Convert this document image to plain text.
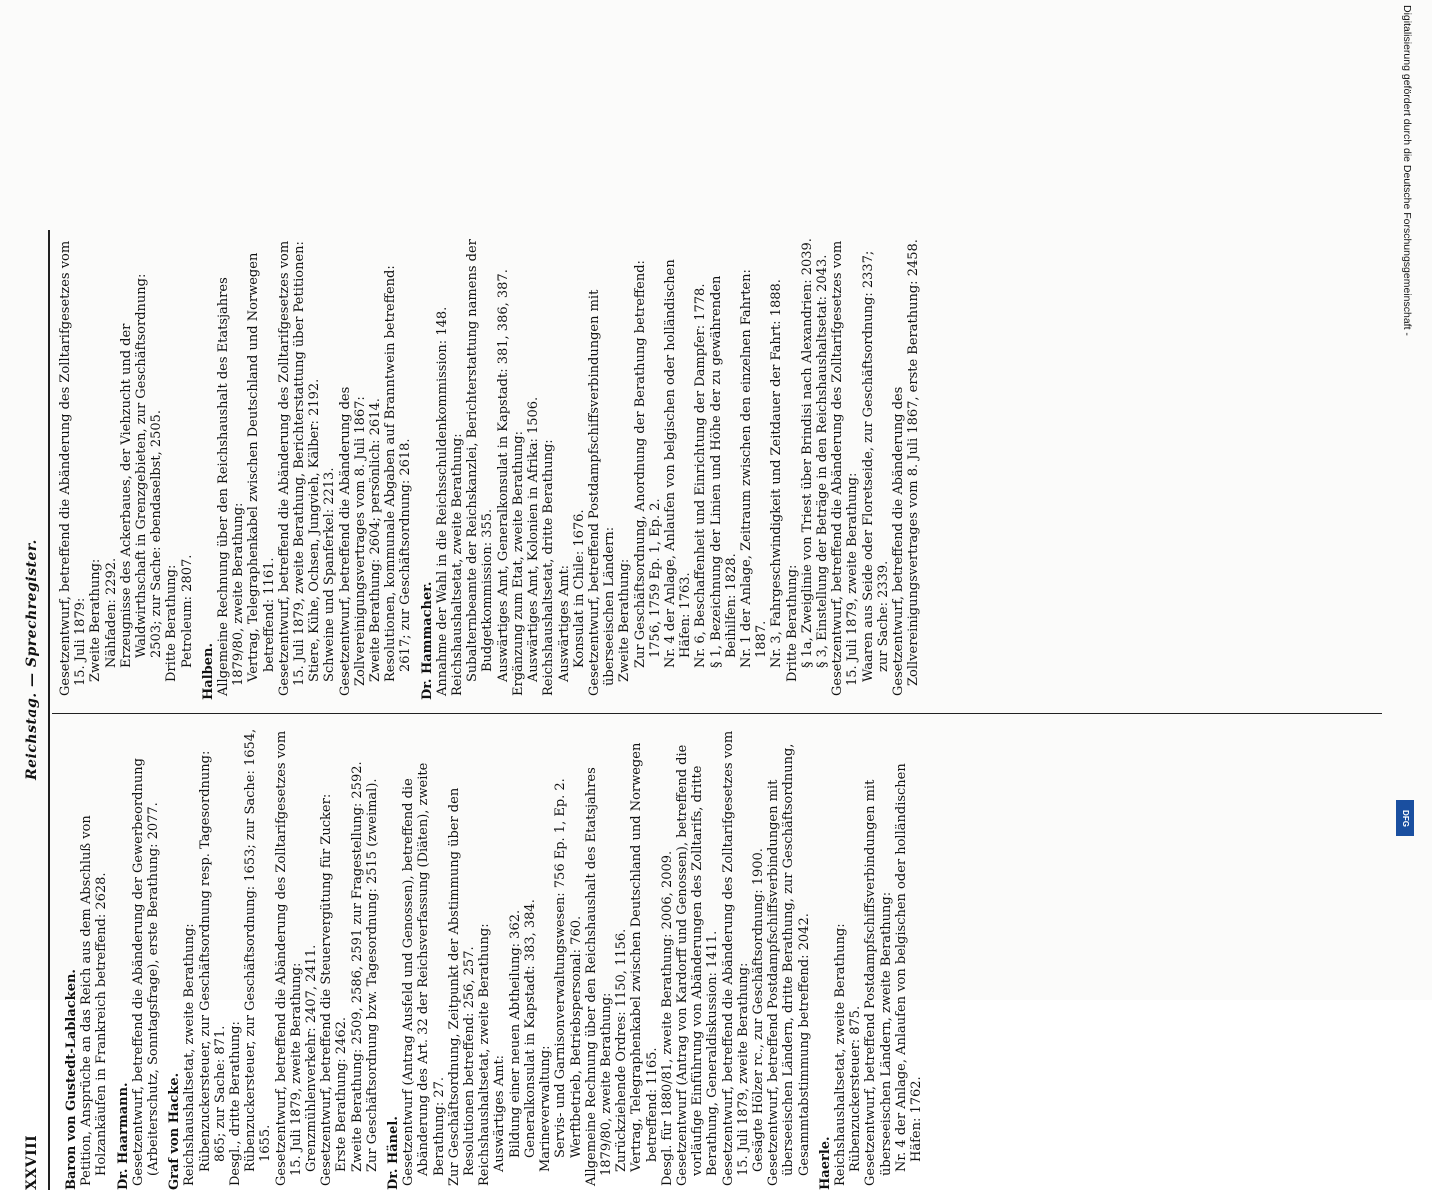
XXVIII
Reichstag. — Sprechregister.
Baron von Gustedt-Lablacken. Petition, Ansprüche an das Reich aus dem Abschluß von Holzankäufen in Frankreich betreffend: 2628. Dr. Haarmann. Gesetzentwurf, betreffend die Abänderung der Gewerbeordnung (Arbeiterschutz, Sonntagsfrage), erste Berathung: 2077. Graf von Hacke. Reichshaushaltsetat, zweite Berathung: Rübenzuckersteuer, zur Geschäftsordnung resp. Tagesordnung: 865; zur Sache: 871. Desgl., dritte Berathung: Rübenzuckersteuer, zur Geschäftsordnung: 1653; zur Sache: 1654, 1655. Gesetzentwurf, betreffend die Abänderung des Zolltarifgesetzes vom 15. Juli 1879, zweite Berathung: Grenzmühlenverkehr: 2407, 2411. Gesetzentwurf, betreffend die Steuervergütung für Zucker: Erste Berathung: 2462. Zweite Berathung: 2509, 2586, 2591 zur Fragestellung: 2592. Zur Geschäftsordnung bzw. Tagesordnung: 2515 (zweimal). Dr. Hänel. Gesetzentwurf (Antrag Ausfeld und Genossen), betreffend die Abänderung des Art. 32 der Reichsverfassung (Diäten), zweite Berathung: 27. Zur Geschäftsordnung, Zeitpunkt der Abstimmung über den Resolutionen betreffend: 256, 257. Reichshaushaltsetat, zweite Berathung: Auswärtiges Amt: Bildung einer neuen Abtheilung: 362. Generalkonsulat in Kapstadt: 383, 384. Marineverwaltung: Servis- und Garnisonverwaltungswesen: 756 Ep. 1, Ep. 2. Werftbetrieb, Betriebspersonal: 760. Allgemeine Rechnung über den Reichshaushalt des Etatsjahres 1879/80, zweite Berathung: Zurückziehende Ordres: 1150, 1156. Vertrag, Telegraphenkabel zwischen Deutschland und Norwegen betreffend: 1165. Desgl. für 1880/81, zweite Berathung: 2006, 2009. Gesetzentwurf (Antrag von Kardorff und Genossen), betreffend die vorläufige Einführung von Abänderungen des Zolltarifs, dritte Berathung, Generaldiskussion: 1411. Gesetzentwurf, betreffend die Abänderung des Zolltarifgesetzes vom 15. Juli 1879, zweite Berathung: Gesägte Hölzer rc., zur Geschäftsordnung: 1900. Gesetzentwurf, betreffend Postdampfschiffsverbindungen mit überseeischen Ländern, dritte Berathung, zur Geschäftsordnung, Gesammtabstimmung betreffend: 2042. Haerle. Reichshaushaltsetat, zweite Berathung: Rübenzuckersteuer: 875. Gesetzentwurf, betreffend Postdampfschiffsverbindungen mit überseeischen Ländern, zweite Berathung: Nr. 4 der Anlage, Anlaufen von belgischen oder holländischen Häfen: 1762.
Gesetzentwurf, betreffend die Abänderung des Zolltarifgesetzes vom 15. Juli 1879: Zweite Berathung: Nähfaden: 2292. Erzeugnisse des Ackerbaues, der Viehzucht und der Waldwirthschaft in Grenzgebieten, zur Geschäftsordnung: 2503; zur Sache: ebendaselbst, 2505. Dritte Berathung: Petroleum: 2807.
Halben. Allgemeine Rechnung über den Reichshaushalt des Etatsjahres 1879/80, zweite Berathung: Vertrag, Telegraphenkabel zwischen Deutschland und Norwegen betreffend: 1161. Gesetzentwurf, betreffend die Abänderung des Zolltarifgesetzes vom 15. Juli 1879, zweite Berathung, Berichterstattung über Petitionen: Stiere, Kühe, Ochsen, Jungvieh, Kälber: 2192. Schweine und Spanferkel: 2213. Gesetzentwurf, betreffend die Abänderung des Zollvereinigungsvertrages vom 8. Juli 1867: Zweite Berathung: 2604; persönlich: 2614. Resolutionen, kommunale Abgaben auf Branntwein betreffend: 2617; zur Geschäftsordnung: 2618. Dr. Hammacher. Annahme der Wahl in die Reichsschuldenkommission: 148. Reichshaushaltsetat, zweite Berathung: Subalternbeamte der Reichskanzlei, Berichterstattung namens der Budgetkommission: 355. Auswärtiges Amt, Generalkonsulat in Kapstadt: 381, 386, 387. Ergänzung zum Etat, zweite Berathung: Auswärtiges Amt, Kolonien in Afrika: 1506. Reichshaushaltsetat, dritte Berathung: Auswärtiges Amt: Konsulat in Chile: 1676. Gesetzentwurf, betreffend Postdampfschiffsverbindungen mit überseeischen Ländern: Zweite Berathung: Zur Geschäftsordnung, Anordnung der Berathung betreffend: 1756, 1759 Ep. 1, Ep. 2. Nr. 4 der Anlage, Anlaufen von belgischen oder holländischen Häfen: 1763. Nr. 6, Beschaffenheit und Einrichtung der Dampfer: 1778. § 1, Bezeichnung der Linien und Höhe der zu gewährenden Beihilfen: 1828. Nr. 1 der Anlage, Zeitraum zwischen den einzelnen Fahrten: 1887. Nr. 3, Fahrgeschwindigkeit und Zeitdauer der Fahrt: 1888. Dritte Berathung: § 1a, Zweiglinie von Triest über Brindisi nach Alexandrien: 2039. § 3, Einstellung der Beträge in den Reichshaushaltsetat: 2043. Gesetzentwurf, betreffend die Abänderung des Zolltarifgesetzes vom 15. Juli 1879, zweite Berathung: Waaren aus Seide oder Floretseide, zur Geschäftsordnung: 2337; zur Sache: 2339. Gesetzentwurf, betreffend die Abänderung des Zollvereinigungsvertrages vom 8. Juli 1867, erste Berathung: 2458.
Digitalisierung gefördert durch die Deutsche Forschungsgemeinschaft -
DFG
